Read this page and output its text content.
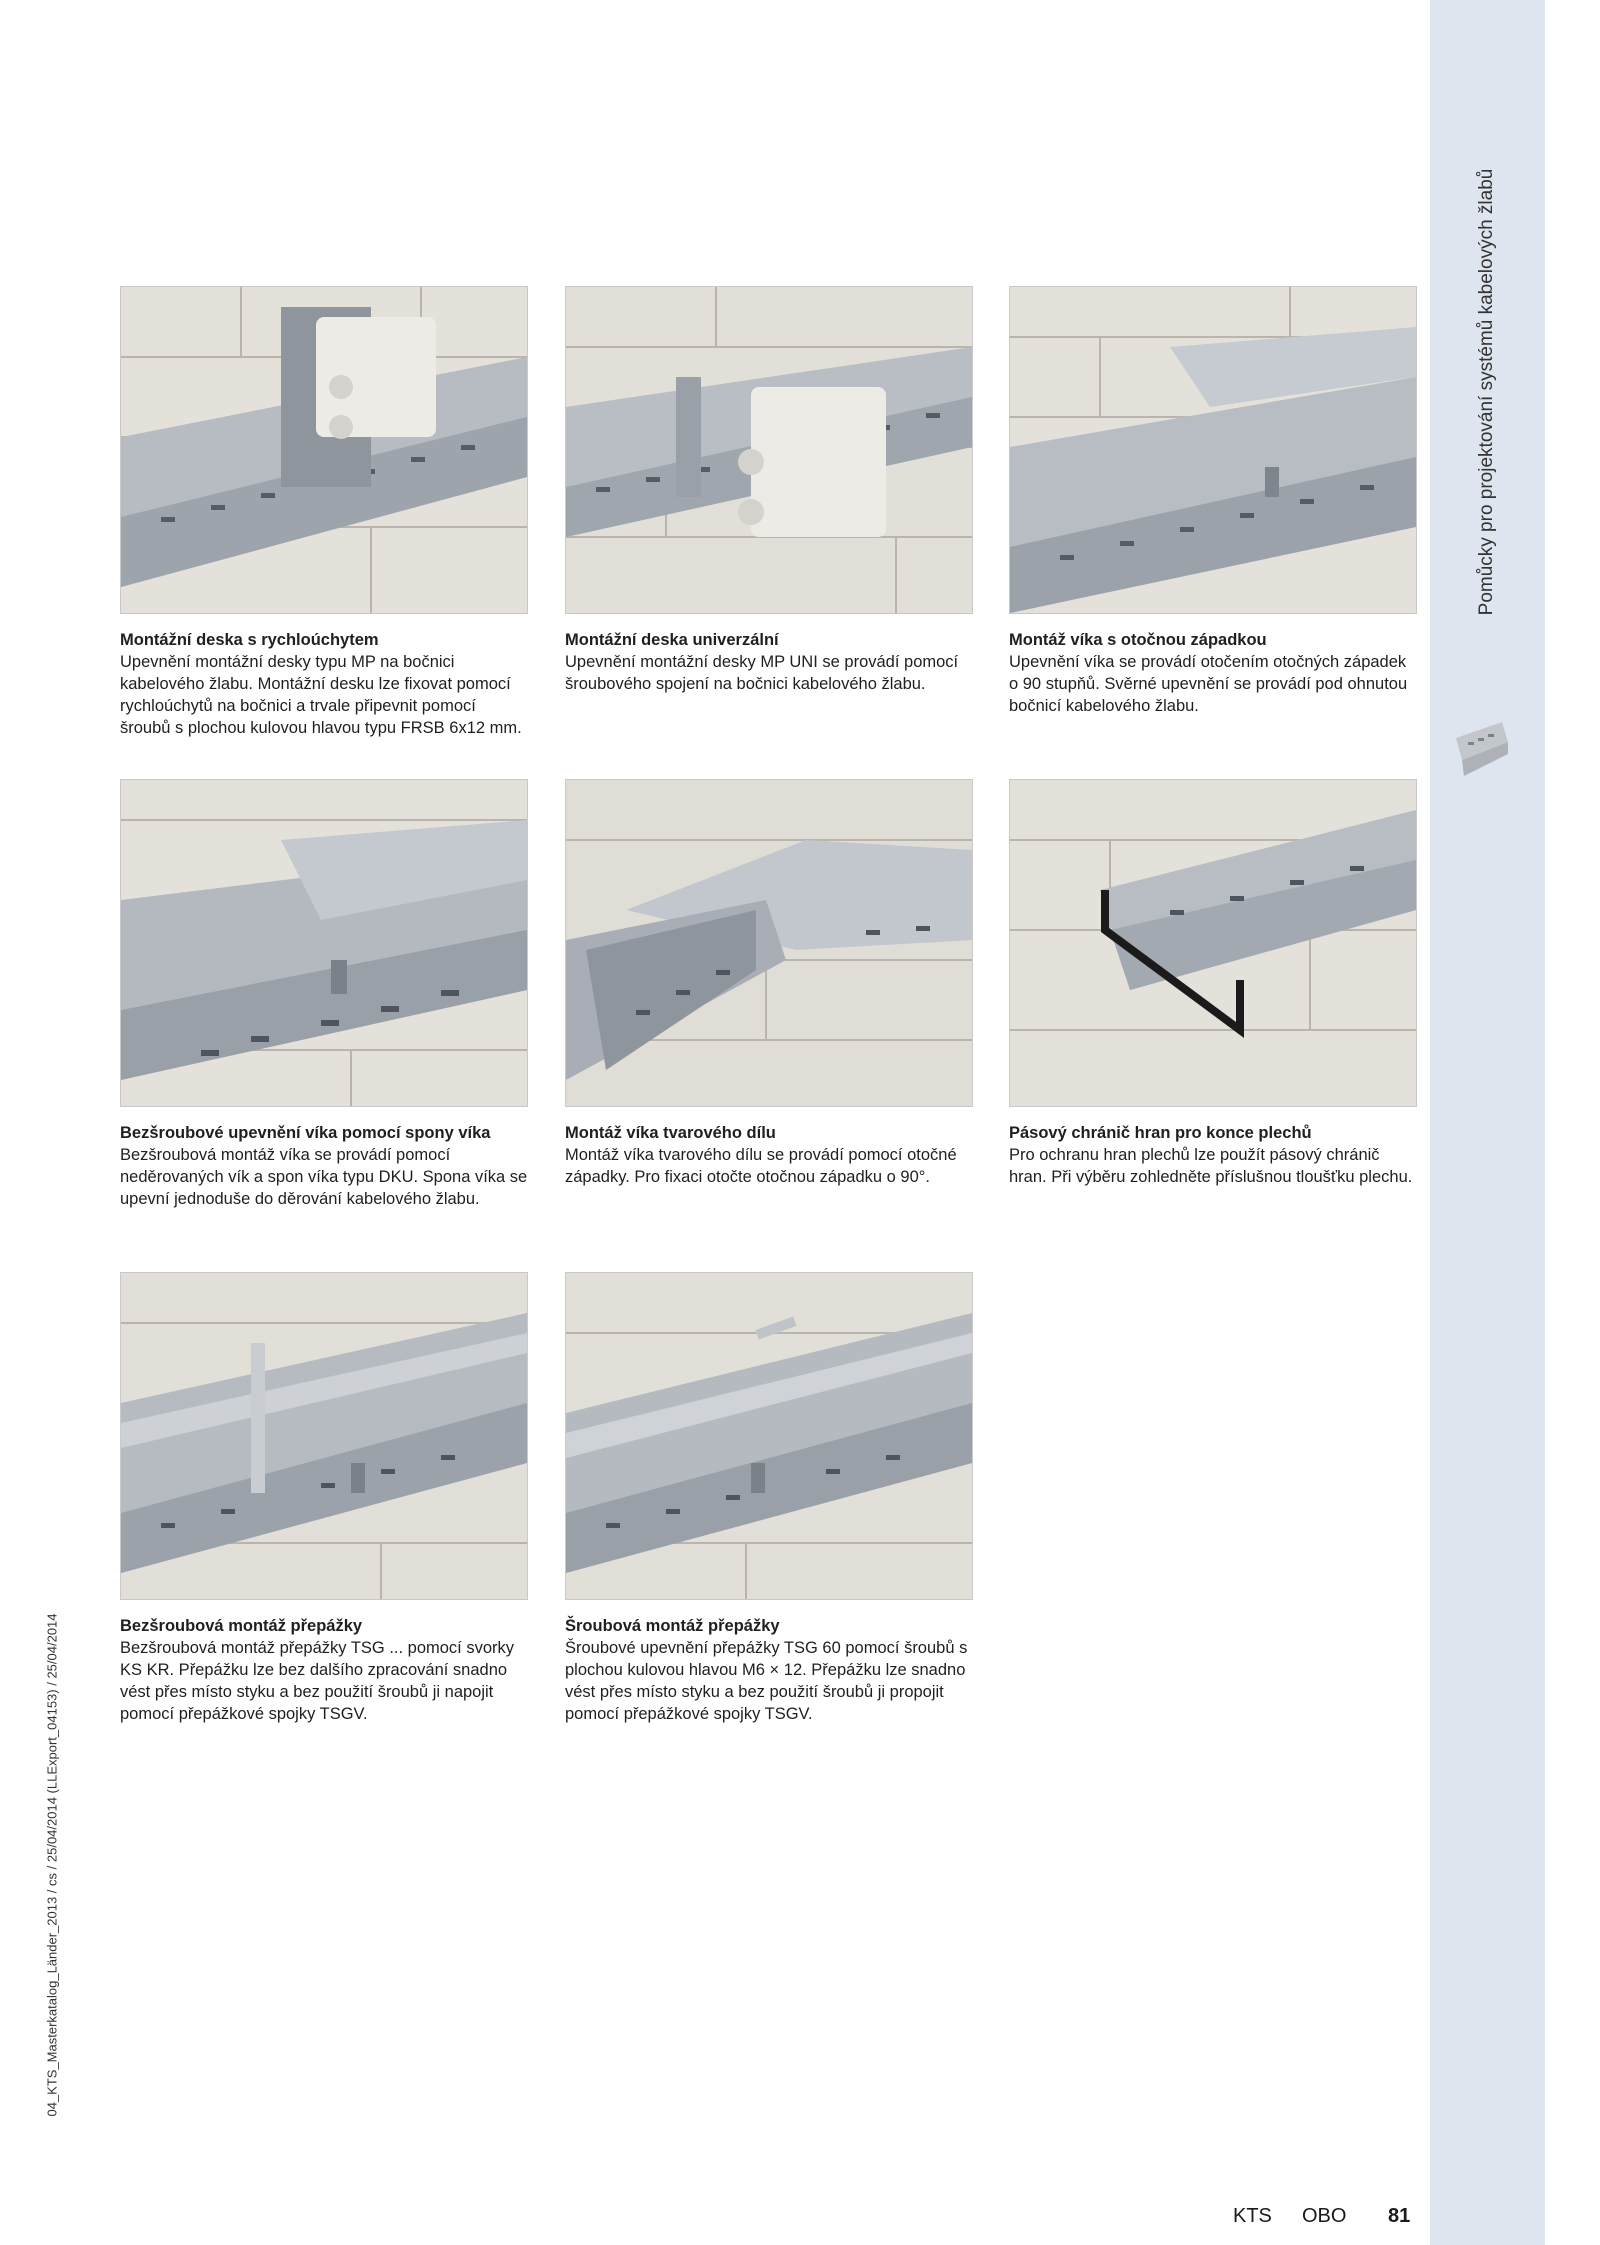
Pomůcky pro projektování systémů kabelových žlabů
04_KTS_Masterkatalog_Länder_2013 / cs / 25/04/2014 (LLExport_04153) / 25/04/2014
Montážní deska s rychloúchytem
Upevnění montážní desky typu MP na bočnici kabelového žlabu. Montážní desku lze fixovat pomocí rychloúchytů na bočnici a trvale připevnit pomocí šroubů s plochou kulovou hlavou typu FRSB 6x12 mm.
Montážní deska univerzální
Upevnění montážní desky MP UNI se provádí pomocí šroubového spojení na bočnici kabelového žlabu.
Montáž víka s otočnou západkou
Upevnění víka se provádí otočením otočných západek o 90 stupňů. Svěrné upevnění se provádí pod ohnutou bočnicí kabelového žlabu.
Bezšroubové upevnění víka pomocí spony víka
Bezšroubová montáž víka se provádí pomocí neděrovaných vík a spon víka typu DKU. Spona víka se upevní jednoduše do děrování kabelového žlabu.
Montáž víka tvarového dílu
Montáž víka tvarového dílu se provádí pomocí otočné západky. Pro fixaci otočte otočnou západku o 90°.
Pásový chránič hran pro konce plechů
Pro ochranu hran plechů lze použít pásový chránič hran. Při výběru zohledněte příslušnou tloušťku plechu.
Bezšroubová montáž přepážky
Bezšroubová montáž přepážky TSG ... pomocí svorky KS KR. Přepážku lze bez dalšího zpracování snadno vést přes místo styku a bez použití šroubů ji napojit pomocí přepážkové spojky TSGV.
Šroubová montáž přepážky
Šroubové upevnění přepážky TSG 60 pomocí šroubů s plochou kulovou hlavou M6 × 12. Přepážku lze snadno vést přes místo styku a bez použití šroubů ji propojit pomocí přepážkové spojky TSGV.
KTS OBO 81
